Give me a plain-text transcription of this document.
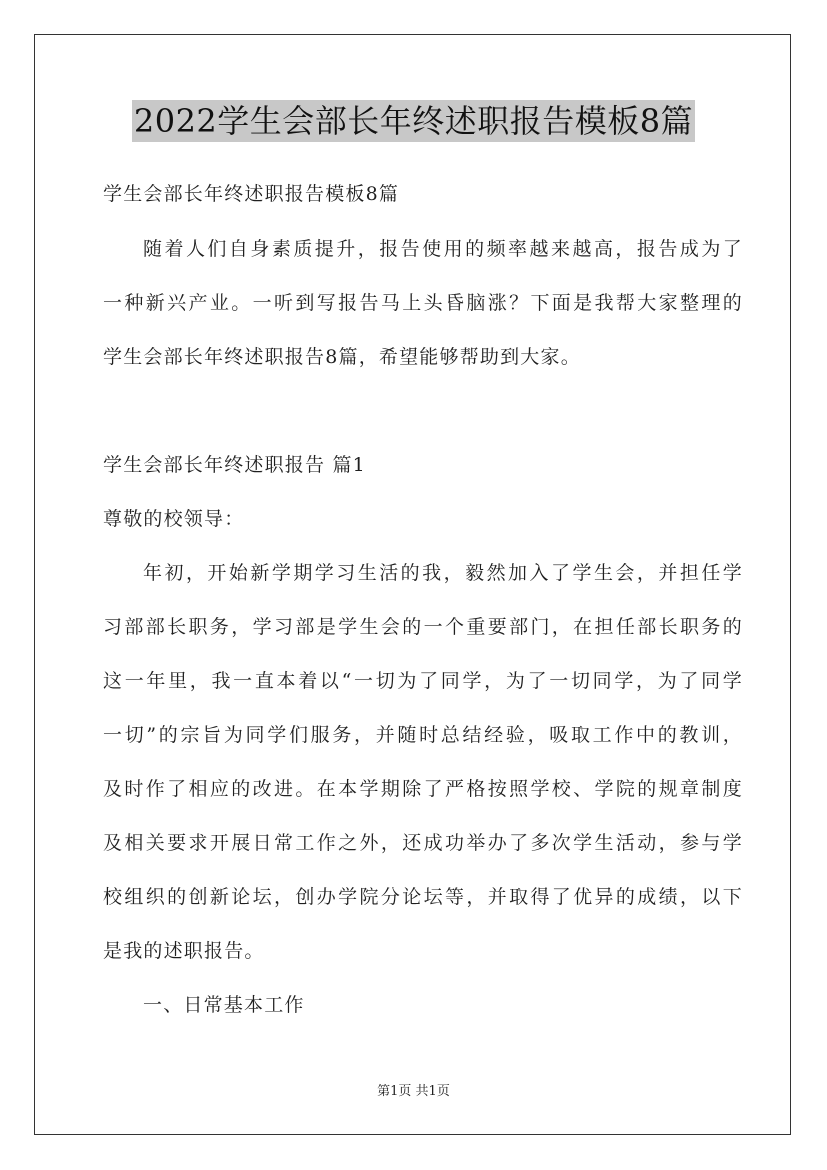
2022学生会部长年终述职报告模板8篇
学生会部长年终述职报告模板8篇
随着人们自身素质提升，报告使用的频率越来越高，报告成为了
一种新兴产业。一听到写报告马上头昏脑涨？下面是我帮大家整理的
学生会部长年终述职报告8篇，希望能够帮助到大家。
学生会部长年终述职报告 篇1
尊敬的校领导：
年初，开始新学期学习生活的我，毅然加入了学生会，并担任学
习部部长职务，学习部是学生会的一个重要部门，在担任部长职务的
这一年里，我一直本着以“一切为了同学，为了一切同学，为了同学
一切”的宗旨为同学们服务，并随时总结经验，吸取工作中的教训，
及时作了相应的改进。在本学期除了严格按照学校、学院的规章制度
及相关要求开展日常工作之外，还成功举办了多次学生活动，参与学
校组织的创新论坛，创办学院分论坛等，并取得了优异的成绩，以下
是我的述职报告。
一、日常基本工作
第1页 共1页
